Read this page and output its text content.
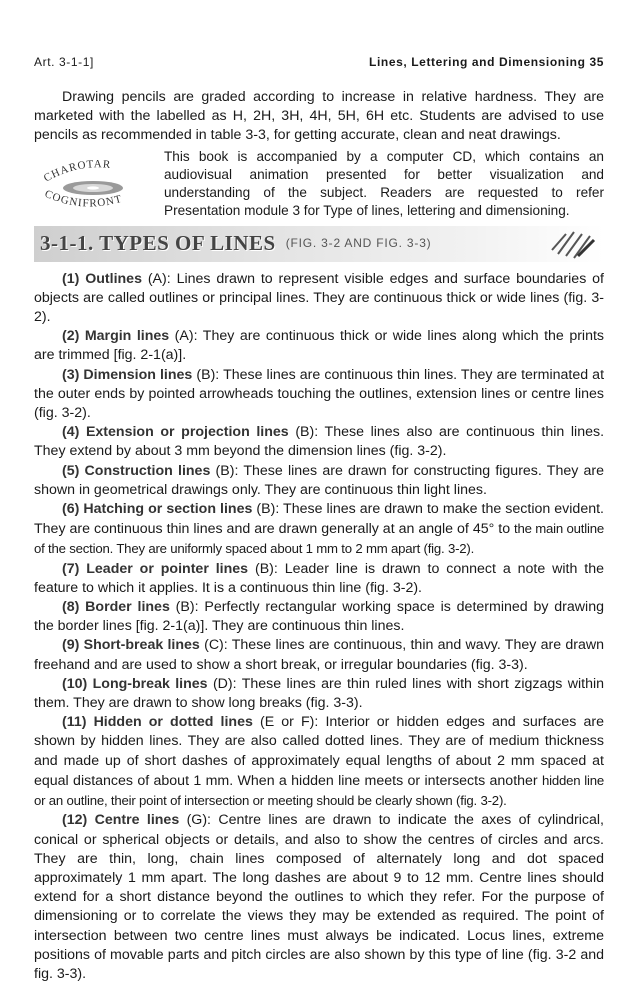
Art. 3-1-1]	Lines, Lettering and Dimensioning 35

Drawing pencils are graded according to increase in relative hardness. They are marketed with the labelled as H, 2H, 3H, 4H, 5H, 6H etc. Students are advised to use pencils as recommended in table 3-3, for getting accurate, clean and neat drawings.

CHAROTAR
COGNIFRONT
This book is accompanied by a computer CD, which contains an audiovisual animation presented for better visualization and understanding of the subject. Readers are requested to refer Presentation module 3 for Type of lines, lettering and dimensioning.
3-1-1. TYPES OF LINES (FIG. 3-2 AND FIG. 3-3)

(1) Outlines (A): Lines drawn to represent visible edges and surface boundaries of objects are called outlines or principal lines. They are continuous thick or wide lines (fig. 3-2).

(2) Margin lines (A): They are continuous thick or wide lines along which the prints are trimmed [fig. 2-1(a)].

(3) Dimension lines (B): These lines are continuous thin lines. They are terminated at the outer ends by pointed arrowheads touching the outlines, extension lines or centre lines (fig. 3-2).

(4) Extension or projection lines (B): These lines also are continuous thin lines. They extend by about 3 mm beyond the dimension lines (fig. 3-2).

(5) Construction lines (B): These lines are drawn for constructing figures. They are shown in geometrical drawings only. They are continuous thin light lines.

(6) Hatching or section lines (B): These lines are drawn to make the section evident. They are continuous thin lines and are drawn generally at an angle of 45° to the main outline of the section. They are uniformly spaced about 1 mm to 2 mm apart (fig. 3-2).

(7) Leader or pointer lines (B): Leader line is drawn to connect a note with the feature to which it applies. It is a continuous thin line (fig. 3-2).

(8) Border lines (B): Perfectly rectangular working space is determined by drawing the border lines [fig. 2-1(a)]. They are continuous thin lines.

(9) Short-break lines (C): These lines are continuous, thin and wavy. They are drawn freehand and are used to show a short break, or irregular boundaries (fig. 3-3).

(10) Long-break lines (D): These lines are thin ruled lines with short zigzags within them. They are drawn to show long breaks (fig. 3-3).

(11) Hidden or dotted lines (E or F): Interior or hidden edges and surfaces are shown by hidden lines. They are also called dotted lines. They are of medium thickness and made up of short dashes of approximately equal lengths of about 2 mm spaced at equal distances of about 1 mm. When a hidden line meets or intersects another hidden line or an outline, their point of intersection or meeting should be clearly shown (fig. 3-2).

(12) Centre lines (G): Centre lines are drawn to indicate the axes of cylindrical, conical or spherical objects or details, and also to show the centres of circles and arcs. They are thin, long, chain lines composed of alternately long and dot spaced approximately 1 mm apart. The long dashes are about 9 to 12 mm. Centre lines should extend for a short distance beyond the outlines to which they refer. For the purpose of dimensioning or to correlate the views they may be extended as required. The point of intersection between two centre lines must always be indicated. Locus lines, extreme positions of movable parts and pitch circles are also shown by this type of line (fig. 3-2 and fig. 3-3).
